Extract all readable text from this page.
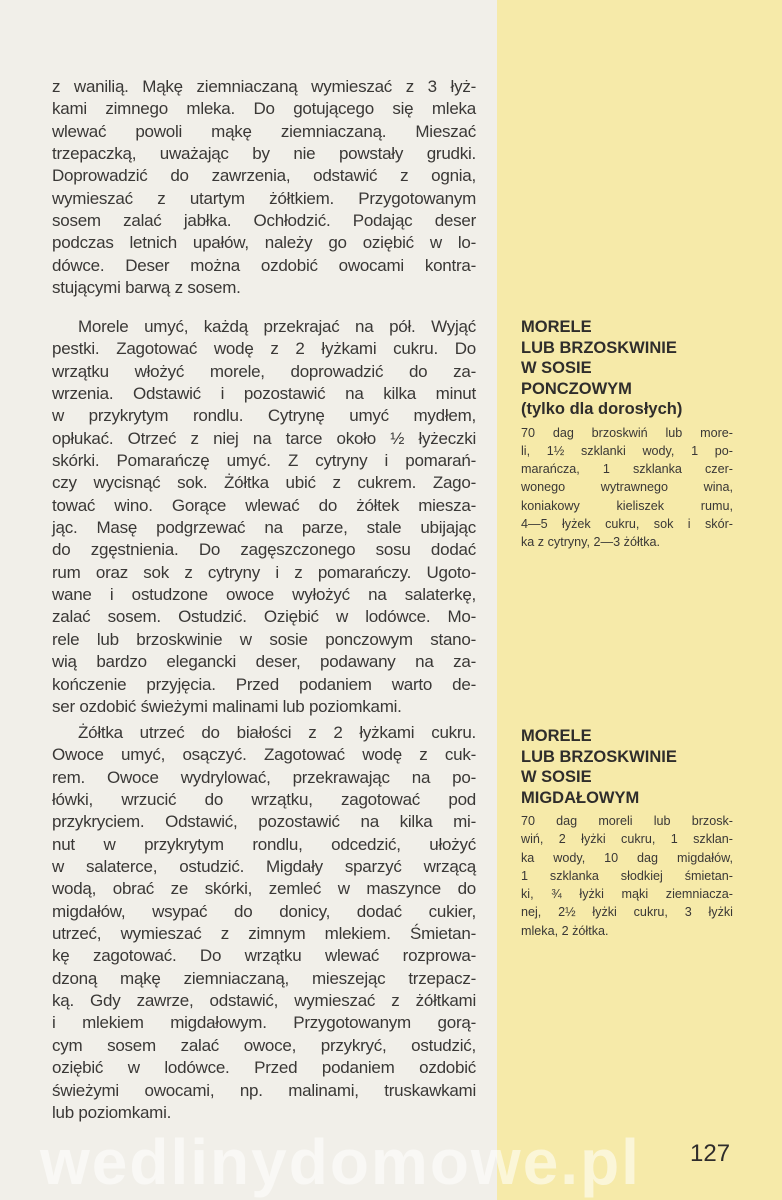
z wanilią. Mąkę ziemniaczaną wymieszać z 3 łyż-
kami zimnego mleka. Do gotującego się mleka
wlewać powoli mąkę ziemniaczaną. Mieszać
trzepaczką, uważając by nie powstały grudki.
Doprowadzić do zawrzenia, odstawić z ognia,
wymieszać z utartym żółtkiem. Przygotowanym
sosem zalać jabłka. Ochłodzić. Podając deser
podczas letnich upałów, należy go oziębić w lo-
dówce. Deser można ozdobić owocami kontra-
stującymi barwą z sosem.
Morele umyć, każdą przekrajać na pół. Wyjąć
pestki. Zagotować wodę z 2 łyżkami cukru. Do
wrzątku włożyć morele, doprowadzić do za-
wrzenia. Odstawić i pozostawić na kilka minut
w przykrytym rondlu. Cytrynę umyć mydłem,
opłukać. Otrzeć z niej na tarce około ½ łyżeczki
skórki. Pomarańczę umyć. Z cytryny i pomarań-
czy wycisnąć sok. Żółtka ubić z cukrem. Zago-
tować wino. Gorące wlewać do żółtek miesza-
jąc. Masę podgrzewać na parze, stale ubijając
do zgęstnienia. Do zagęszczonego sosu dodać
rum oraz sok z cytryny i z pomarańczy. Ugoto-
wane i ostudzone owoce wyłożyć na salaterkę,
zalać sosem. Ostudzić. Oziębić w lodówce. Mo-
rele lub brzoskwinie w sosie ponczowym stano-
wią bardzo elegancki deser, podawany na za-
kończenie przyjęcia. Przed podaniem warto de-
ser ozdobić świeżymi malinami lub poziomkami.
Żółtka utrzeć do białości z 2 łyżkami cukru.
Owoce umyć, osączyć. Zagotować wodę z cuk-
rem. Owoce wydrylować, przekrawając na po-
łówki, wrzucić do wrzątku, zagotować pod
przykryciem. Odstawić, pozostawić na kilka mi-
nut w przykrytym rondlu, odcedzić, ułożyć
w salaterce, ostudzić. Migdały sparzyć wrzącą
wodą, obrać ze skórki, zemleć w maszynce do
migdałów, wsypać do donicy, dodać cukier,
utrzeć, wymieszać z zimnym mlekiem. Śmietan-
kę zagotować. Do wrzątku wlewać rozprowa-
dzoną mąkę ziemniaczaną, mieszejąc trzepacz-
ką. Gdy zawrze, odstawić, wymieszać z żółtkami
i mlekiem migdałowym. Przygotowanym gorą-
cym sosem zalać owoce, przykryć, ostudzić,
oziębić w lodówce. Przed podaniem ozdobić
świeżymi owocami, np. malinami, truskawkami
lub poziomkami.
MORELE
LUB BRZOSKWINIE
W SOSIE
PONCZOWYM
(tylko dla dorosłych)
70 dag brzoskwiń lub more-
li, 1½ szklanki wody, 1 po-
marańcza, 1 szklanka czer-
wonego wytrawnego wina,
koniakowy kieliszek rumu,
4—5 łyżek cukru, sok i skór-
ka z cytryny, 2—3 żółtka.
MORELE
LUB BRZOSKWINIE
W SOSIE
MIGDAŁOWYM
70 dag moreli lub brzosk-
wiń, 2 łyżki cukru, 1 szklan-
ka wody, 10 dag migdałów,
1 szklanka słodkiej śmietan-
ki, ¾ łyżki mąki ziemniacza-
nej, 2½ łyżki cukru, 3 łyżki
mleka, 2 żółtka.
wedlinydomowe.pl 127
